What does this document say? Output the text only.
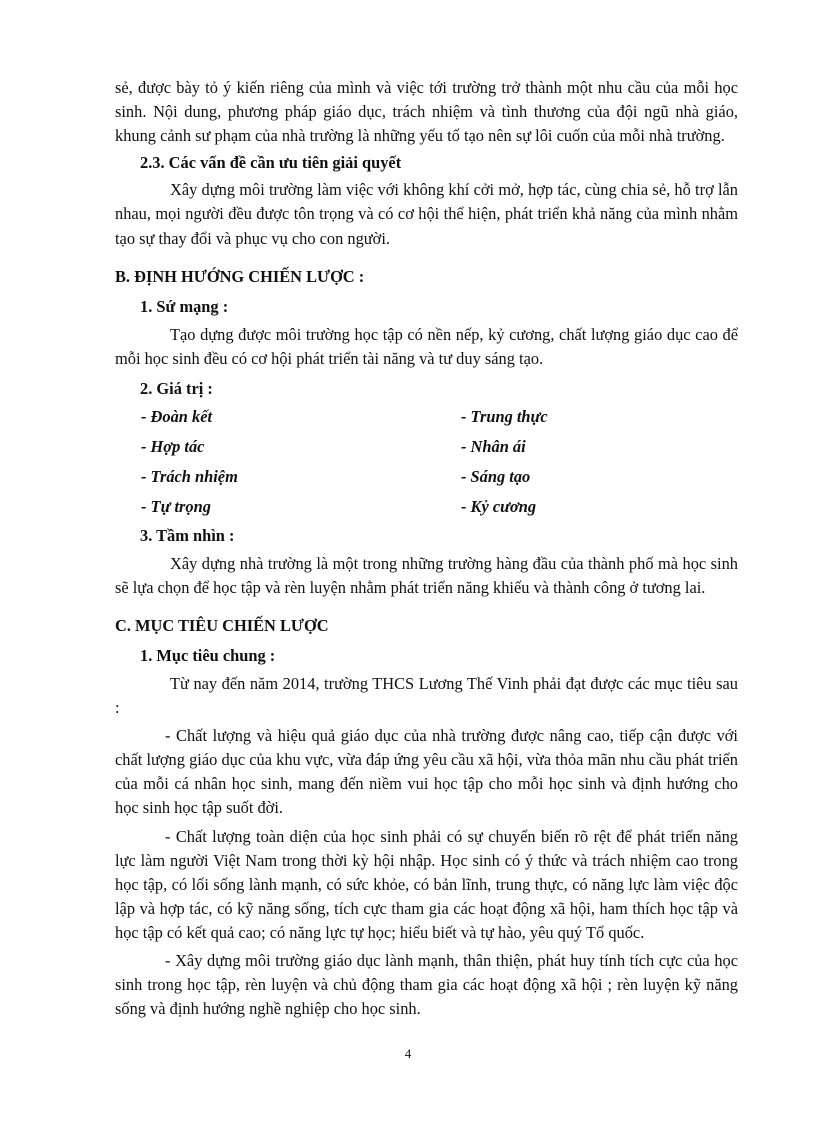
sẻ, được bày tỏ ý kiến riêng của mình và việc tới trường trở thành một nhu cầu của mỗi học sinh. Nội dung, phương pháp giáo dục, trách nhiệm và tình thương của đội ngũ nhà giáo, khung cảnh sư phạm của nhà trường là những yếu tố tạo nên sự lôi cuốn của mỗi nhà trường.

2.3. Các vấn đề cần ưu tiên giải quyết

Xây dựng môi trường làm việc với không khí cởi mở, hợp tác, cùng chia sẻ, hỗ trợ lẫn nhau, mọi người đều được tôn trọng và có cơ hội thể hiện, phát triển khả năng của mình nhằm tạo sự thay đổi và phục vụ cho con người.

B. ĐỊNH HƯỚNG CHIẾN LƯỢC :

1. Sứ mạng :

Tạo dựng được môi trường học tập có nền nếp, kỷ cương, chất lượng giáo dục cao để mỗi học sinh đều có cơ hội phát triển tài năng và tư duy sáng tạo.

2. Giá trị :

- Đoàn kết	- Trung thực
- Hợp tác	- Nhân ái
- Trách nhiệm	- Sáng tạo
- Tự trọng	- Kỷ cương

3. Tầm nhìn :

Xây dựng nhà trường là một trong những trường hàng đầu của thành phố mà học sinh sẽ lựa chọn để học tập và rèn luyện nhằm phát triển năng khiếu và thành công ở tương lai.

C. MỤC TIÊU CHIẾN LƯỢC

1. Mục tiêu chung :

Từ nay đến năm 2014, trường THCS Lương Thế Vinh phải đạt được các mục tiêu sau :

- Chất lượng và hiệu quả giáo dục của nhà trường được nâng cao, tiếp cận được với chất lượng giáo dục của khu vực, vừa đáp ứng yêu cầu xã hội, vừa thỏa mãn nhu cầu phát triển của mỗi cá nhân học sinh, mang đến niềm vui học tập cho mỗi học sinh và định hướng cho học sinh học tập suốt đời.

- Chất lượng toàn diện của học sinh phải có sự chuyển biến rõ rệt để phát triển năng lực làm người Việt Nam trong thời kỳ hội nhập. Học sinh có ý thức và trách nhiệm cao trong học tập, có lối sống lành mạnh, có sức khỏe, có bản lĩnh, trung thực, có năng lực làm việc độc lập và hợp tác, có kỹ năng sống, tích cực tham gia các hoạt động xã hội, ham thích học tập và học tập có kết quả cao; có năng lực tự học; hiểu biết và tự hào, yêu quý Tổ quốc.

- Xây dựng môi trường giáo dục lành mạnh, thân thiện, phát huy tính tích cực của học sinh trong học tập, rèn luyện và chủ động tham gia các hoạt động xã hội ; rèn luyện kỹ năng sống và định hướng nghề nghiệp cho học sinh.

4
